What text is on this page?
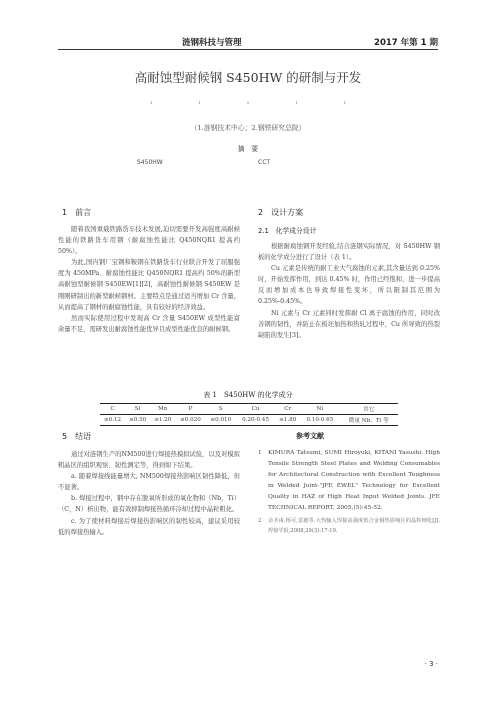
涟钢科技与管理	2017 年第 1 期
高耐蚀型耐候钢 S450HW 的研制与开发
1	1	2	1	1
（1.涟钢技术中心；2.钢铁研究总院）
摘　要
S450HW	CCT
1　前言

随着我国重载铁路货车技术发展,迫切需要开发高强度高耐候性能的铁路货车用钢（耐腐蚀性能比 Q450NQR1 提高约 50%）。

为此,国内钢厂宝钢和鞍钢在铁路货车行业联合开发了屈服强度为 450MPa、耐腐蚀性能比 Q450NQR1 提高约 50%的新型高耐蚀型耐候钢 S450EW[1][2]，高耐蚀性耐候钢 S450EW 是刚刚研制出的新型耐候钢材。主要特点是通过适当增加 Cr 含量，从而提高了钢材的耐腐蚀性能，具有较好的经济效益。

然而实际使用过程中发现高 Cr 含量 S450EW 成型性能富余量不足，需研发出耐腐蚀性能优异且成型性能优良的耐候钢。

2　设计方案
2.1　化学成分设计

根据耐腐蚀钢开发经验,结合涟钢实际情况，对 S450HW 钢板的化学成分进行了设计（表 1）。

Cu 元素是传统的耐工业大气腐蚀的元素,其含量达到 0.25%时，开始发挥作用，到达 0.45% 时，作用已经饱和，进一步提高反而增加成本也导致焊接性变坏，所以限制其范围为 0.25%-0.45%。

Ni 元素与 Cr 元素同时发挥耐 Cl 离子腐蚀的作用，同时改善钢的韧性，并防止在板坯加热和热轧过程中，Cu 所导致的热裂缺陷的发生[3]。

表 1　S450HW 的化学成分
C	Si	Mn	P	S	Cu	Cr	Ni	其它
≤0.12	≤0.50	≤1.20	≤0.020	≤0.010	0.20-0.45	≤1.80	0.10-0.65	微量 Nb、Ti 等
5　结语

通过对涟钢生产的NM500进行焊接热模拟试验，以及对模拟粗晶区的组织观察、韧性测定等，得到如下结果。

a. 随着焊接线能量增大, NM500焊接热影响区韧性降低，但不显著。

b. 焊接过程中，钢中存在脱氧所形成的氧化物和（Nb，Ti）（C，N）析出物，能有效抑制焊接热循环冷却过程中晶粒粗化。

c. 为了使材料焊接后焊接热影响区的韧性较高，建议采用较低的焊接热输入。

参考文献
1	KIMURA Tatsumi, SUMI Hiroyuki, KITANI Yasushi. High Tensile Strength Steel Plates and Welding Consumables for Architectural Construction with Excellent Toughness in Welded Joint-"JFE EWEL" Technology for Excellent Quality in HAZ of High Heat Input Welded Joints. JFE TECHNICAL REPORT, 2005,(5):45-52.
2	余圣甫,杨可,雷毅等.大热输入焊接高强度低合金钢热影响区的晶粒细化[J].焊接学报,2008,29(3):17-19.
· 3 ·
